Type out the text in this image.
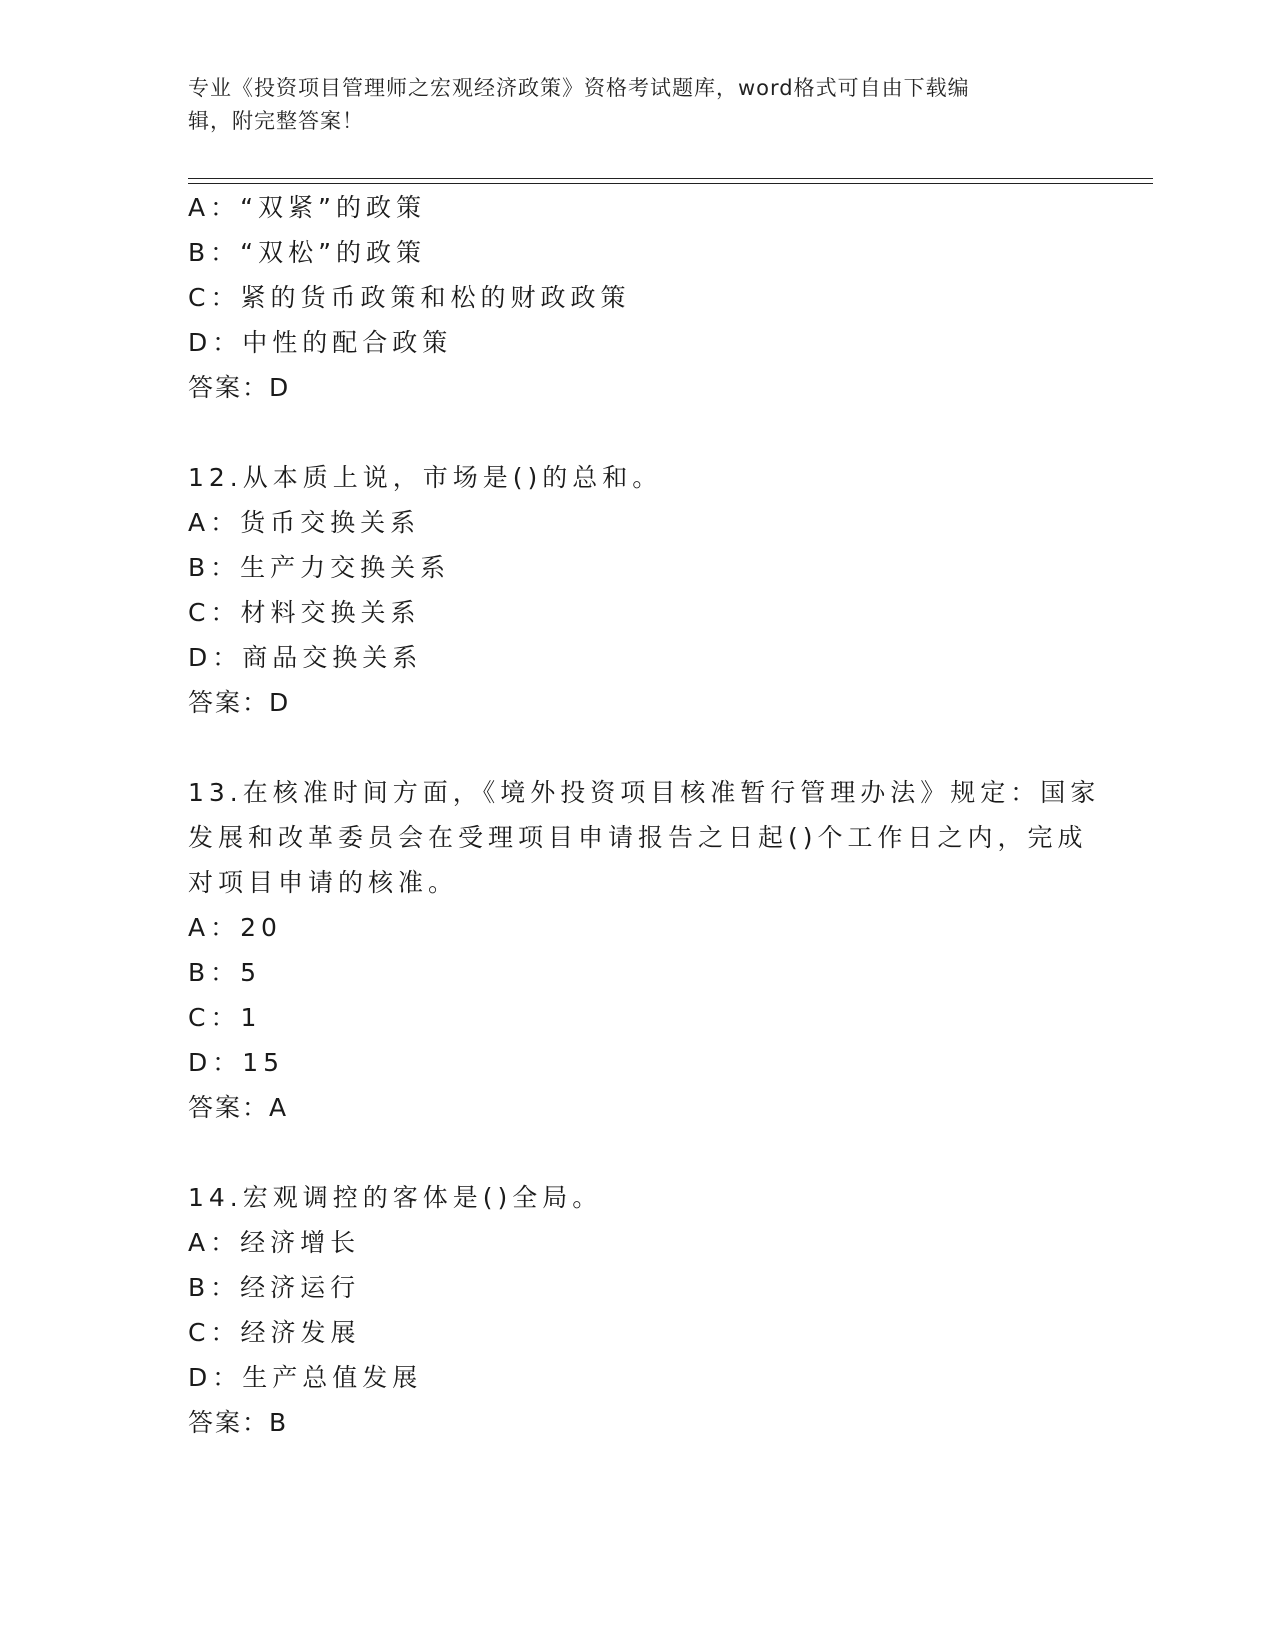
专业《投资项目管理师之宏观经济政策》资格考试题库，word格式可自由下载编
辑，附完整答案！
A：“双紧”的政策
B：“双松”的政策
C：紧的货币政策和松的财政政策
D：中性的配合政策
答案：D
12.从本质上说，市场是()的总和。
A：货币交换关系
B：生产力交换关系
C：材料交换关系
D：商品交换关系
答案：D
13.在核准时间方面，《境外投资项目核准暂行管理办法》规定：国家
发展和改革委员会在受理项目申请报告之日起()个工作日之内，完成
对项目申请的核准。
A：20
B：5
C：1
D：15
答案：A
14.宏观调控的客体是()全局。
A：经济增长
B：经济运行
C：经济发展
D：生产总值发展
答案：B
